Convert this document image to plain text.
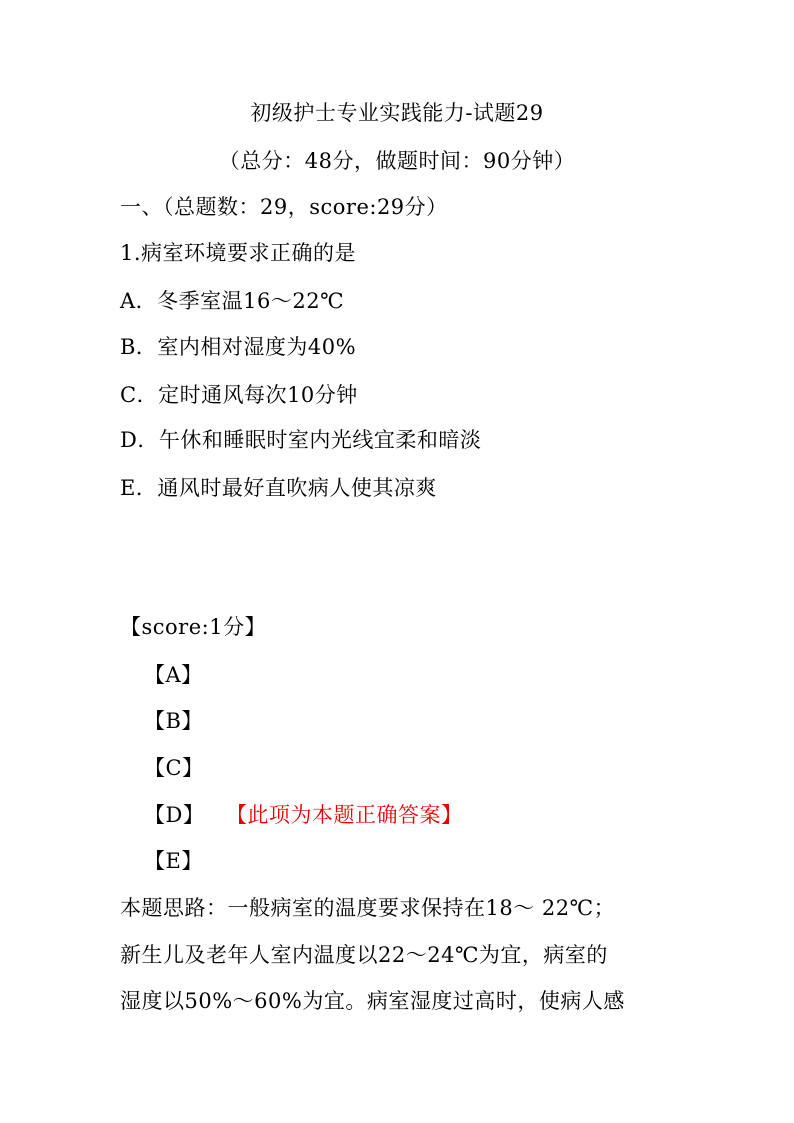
初级护士专业实践能力-试题29
（总分：48分，做题时间：90分钟）
一、（总题数：29，score:29分）
1.病室环境要求正确的是
A．冬季室温16～22℃
B．室内相对湿度为40%
C．定时通风每次10分钟
D．午休和睡眠时室内光线宜柔和暗淡
E．通风时最好直吹病人使其凉爽
【score:1分】
【A】
【B】
【C】
【D】 【此项为本题正确答案】
【E】
本题思路：一般病室的温度要求保持在18～ 22℃；
新生儿及老年人室内温度以22～24℃为宜，病室的
湿度以50%～60%为宜。病室湿度过高时，使病人感
